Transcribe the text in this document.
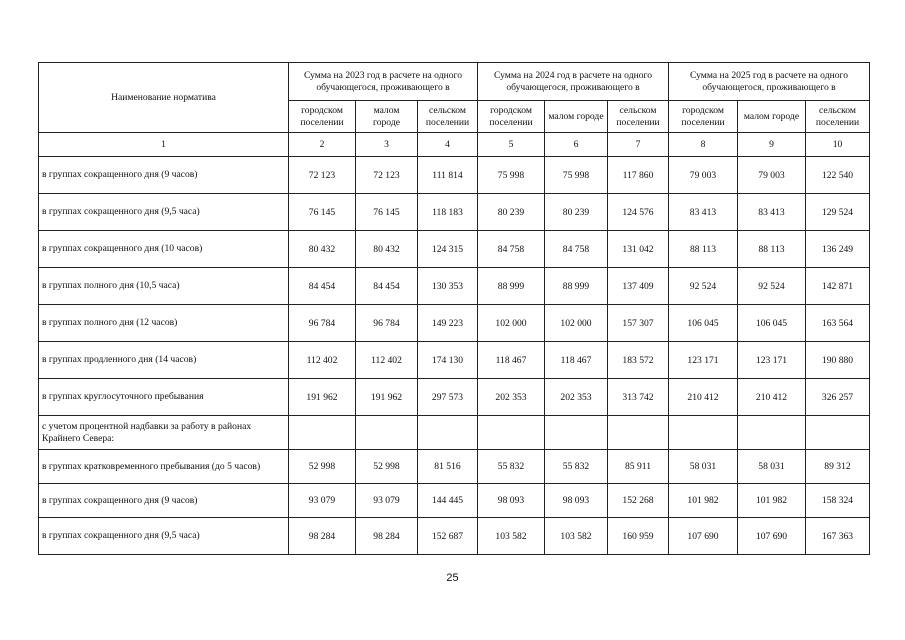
Наименование норматива	Сумма на 2023 год в расчете на одного обучающегося, проживающего в			Сумма на 2024 год в расчете на одного обучающегося, проживающего в			Сумма на 2025 год в расчете на одного обучающегося, проживающего в		
	городском поселении	малом городе	сельском поселении	городском поселении	малом городе	сельском поселении	городском поселении	малом городе	сельском поселении
1	2	3	4	5	6	7	8	9	10
в группах сокращенного дня (9 часов)	72 123	72 123	111 814	75 998	75 998	117 860	79 003	79 003	122 540
в группах сокращенного дня (9,5 часа)	76 145	76 145	118 183	80 239	80 239	124 576	83 413	83 413	129 524
в группах сокращенного дня (10 часов)	80 432	80 432	124 315	84 758	84 758	131 042	88 113	88 113	136 249
в группах полного дня (10,5 часа)	84 454	84 454	130 353	88 999	88 999	137 409	92 524	92 524	142 871
в группах полного дня (12 часов)	96 784	96 784	149 223	102 000	102 000	157 307	106 045	106 045	163 564
в группах продленного дня (14 часов)	112 402	112 402	174 130	118 467	118 467	183 572	123 171	123 171	190 880
в группах круглосуточного пребывания	191 962	191 962	297 573	202 353	202 353	313 742	210 412	210 412	326 257
с учетом процентной надбавки за работу в районах Крайнего Севера:									
в группах кратковременного пребывания (до 5 часов)	52 998	52 998	81 516	55 832	55 832	85 911	58 031	58 031	89 312
в группах сокращенного дня (9 часов)	93 079	93 079	144 445	98 093	98 093	152 268	101 982	101 982	158 324
в группах сокращенного дня (9,5 часа)	98 284	98 284	152 687	103 582	103 582	160 959	107 690	107 690	167 363
25
